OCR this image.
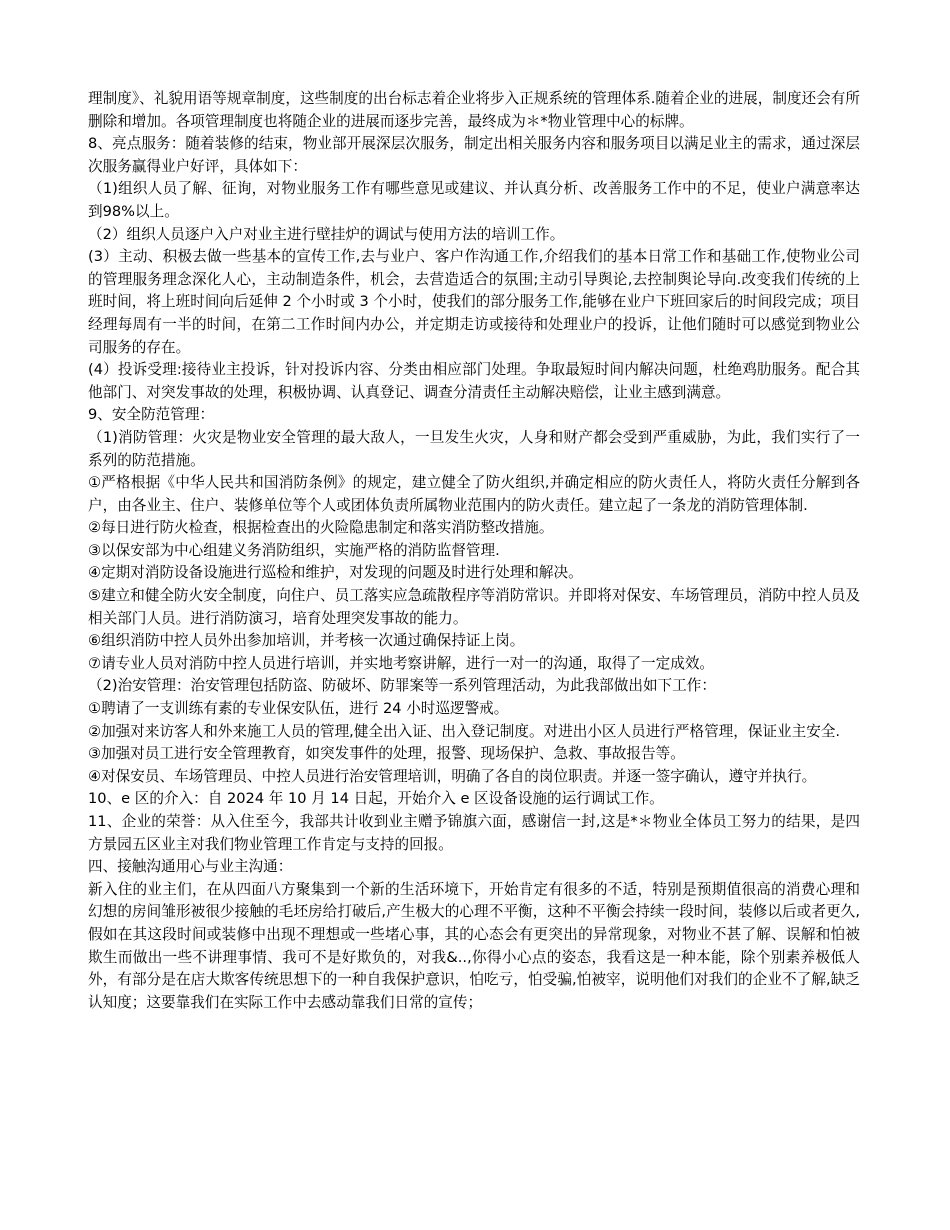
理制度》、礼貌用语等规章制度，这些制度的出台标志着企业将步入正规系统的管理体系.随着企业的进展，制度还会有所删除和增加。各项管理制度也将随企业的进展而逐步完善，最终成为＊*物业管理中心的标牌。

8、亮点服务：随着装修的结束，物业部开展深层次服务，制定出相关服务内容和服务项目以满足业主的需求，通过深层次服务赢得业户好评，具体如下：

（1)组织人员了解、征询，对物业服务工作有哪些意见或建议、并认真分析、改善服务工作中的不足，使业户满意率达到98%以上。

（2）组织人员逐户入户对业主进行壁挂炉的调试与使用方法的培训工作。

(3）主动、积极去做一些基本的宣传工作,去与业户、客户作沟通工作,介绍我们的基本日常工作和基础工作,使物业公司的管理服务理念深化人心，主动制造条件，机会，去营造适合的氛围;主动引导舆论,去控制舆论导向.改变我们传统的上班时间，将上班时间向后延伸 2 个小时或 3 个小时，使我们的部分服务工作,能够在业户下班回家后的时间段完成；项目经理每周有一半的时间，在第二工作时间内办公，并定期走访或接待和处理业户的投诉，让他们随时可以感觉到物业公司服务的存在。

(4）投诉受理:接待业主投诉，针对投诉内容、分类由相应部门处理。争取最短时间内解决问题，杜绝鸡肋服务。配合其他部门、对突发事故的处理，积极协调、认真登记、调查分清责任主动解决赔偿，让业主感到满意。

9、安全防范管理：

（1)消防管理：火灾是物业安全管理的最大敌人，一旦发生火灾，人身和财产都会受到严重威胁，为此，我们实行了一系列的防范措施。

①严格根据《中华人民共和国消防条例》的规定，建立健全了防火组织,并确定相应的防火责任人，将防火责任分解到各户，由各业主、住户、装修单位等个人或团体负责所属物业范围内的防火责任。建立起了一条龙的消防管理体制.

②每日进行防火检查，根据检查出的火险隐患制定和落实消防整改措施。

③以保安部为中心组建义务消防组织，实施严格的消防监督管理.

④定期对消防设备设施进行巡检和维护，对发现的问题及时进行处理和解决。

⑤建立和健全防火安全制度，向住户、员工落实应急疏散程序等消防常识。并即将对保安、车场管理员，消防中控人员及相关部门人员。进行消防演习，培育处理突发事故的能力。

⑥组织消防中控人员外出参加培训，并考核一次通过确保持证上岗。

⑦请专业人员对消防中控人员进行培训，并实地考察讲解，进行一对一的沟通，取得了一定成效。

（2)治安管理：治安管理包括防盗、防破坏、防罪案等一系列管理活动，为此我部做出如下工作：

①聘请了一支训练有素的专业保安队伍，进行 24 小时巡逻警戒。

②加强对来访客人和外来施工人员的管理,健全出入证、出入登记制度。对进出小区人员进行严格管理，保证业主安全.

③加强对员工进行安全管理教育，如突发事件的处理，报警、现场保护、急救、事故报告等。

④对保安员、车场管理员、中控人员进行治安管理培训，明确了各自的岗位职责。并逐一签字确认，遵守并执行。

10、e 区的介入：自 2024 年 10 月 14 日起，开始介入 e 区设备设施的运行调试工作。

11、企业的荣誉：从入住至今，我部共计收到业主赠予锦旗六面，感谢信一封,这是*＊物业全体员工努力的结果，是四方景园五区业主对我们物业管理工作肯定与支持的回报。

四、接触沟通用心与业主沟通：

新入住的业主们，在从四面八方聚集到一个新的生活环境下，开始肯定有很多的不适，特别是预期值很高的消费心理和幻想的房间雏形被很少接触的毛坯房给打破后,产生极大的心理不平衡，这种不平衡会持续一段时间，装修以后或者更久,假如在其这段时间或装修中出现不理想或一些堵心事，其的心态会有更突出的异常现象，对物业不甚了解、误解和怕被欺生而做出一些不讲理事情、我可不是好欺负的，对我&..,你得小心点的姿态，我看这是一种本能，除个别素养极低人外，有部分是在店大欺客传统思想下的一种自我保护意识，怕吃亏，怕受骗,怕被宰，说明他们对我们的企业不了解,缺乏认知度；这要靠我们在实际工作中去感动靠我们日常的宣传；
